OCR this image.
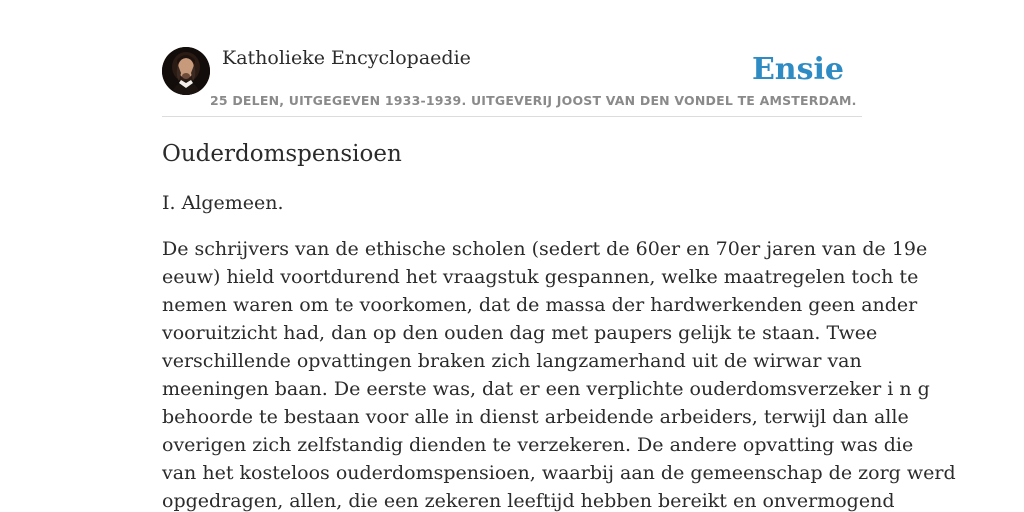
Katholieke Encyclopaedie
25 DELEN, UITGEGEVEN 1933-1939. UITGEVERIJ JOOST VAN DEN VONDEL TE AMSTERDAM.
Ensie
Ouderdomspensioen

I. Algemeen.

De schrijvers van de ethische scholen (sedert de 60er en 70er jaren van de 19e
eeuw) hield voortdurend het vraagstuk gespannen, welke maatregelen toch te
nemen waren om te voorkomen, dat de massa der hardwerkenden geen ander
vooruitzicht had, dan op den ouden dag met paupers gelijk te staan. Twee
verschillende opvattingen braken zich langzamerhand uit de wirwar van
meeningen baan. De eerste was, dat er een verplichte ouderdomsverzeker i n g
behoorde te bestaan voor alle in dienst arbeidende arbeiders, terwijl dan alle
overigen zich zelfstandig dienden te verzekeren. De andere opvatting was die
van het kosteloos ouderdomspensioen, waarbij aan de gemeenschap de zorg werd
opgedragen, allen, die een zekeren leeftijd hebben bereikt en onvermogend
